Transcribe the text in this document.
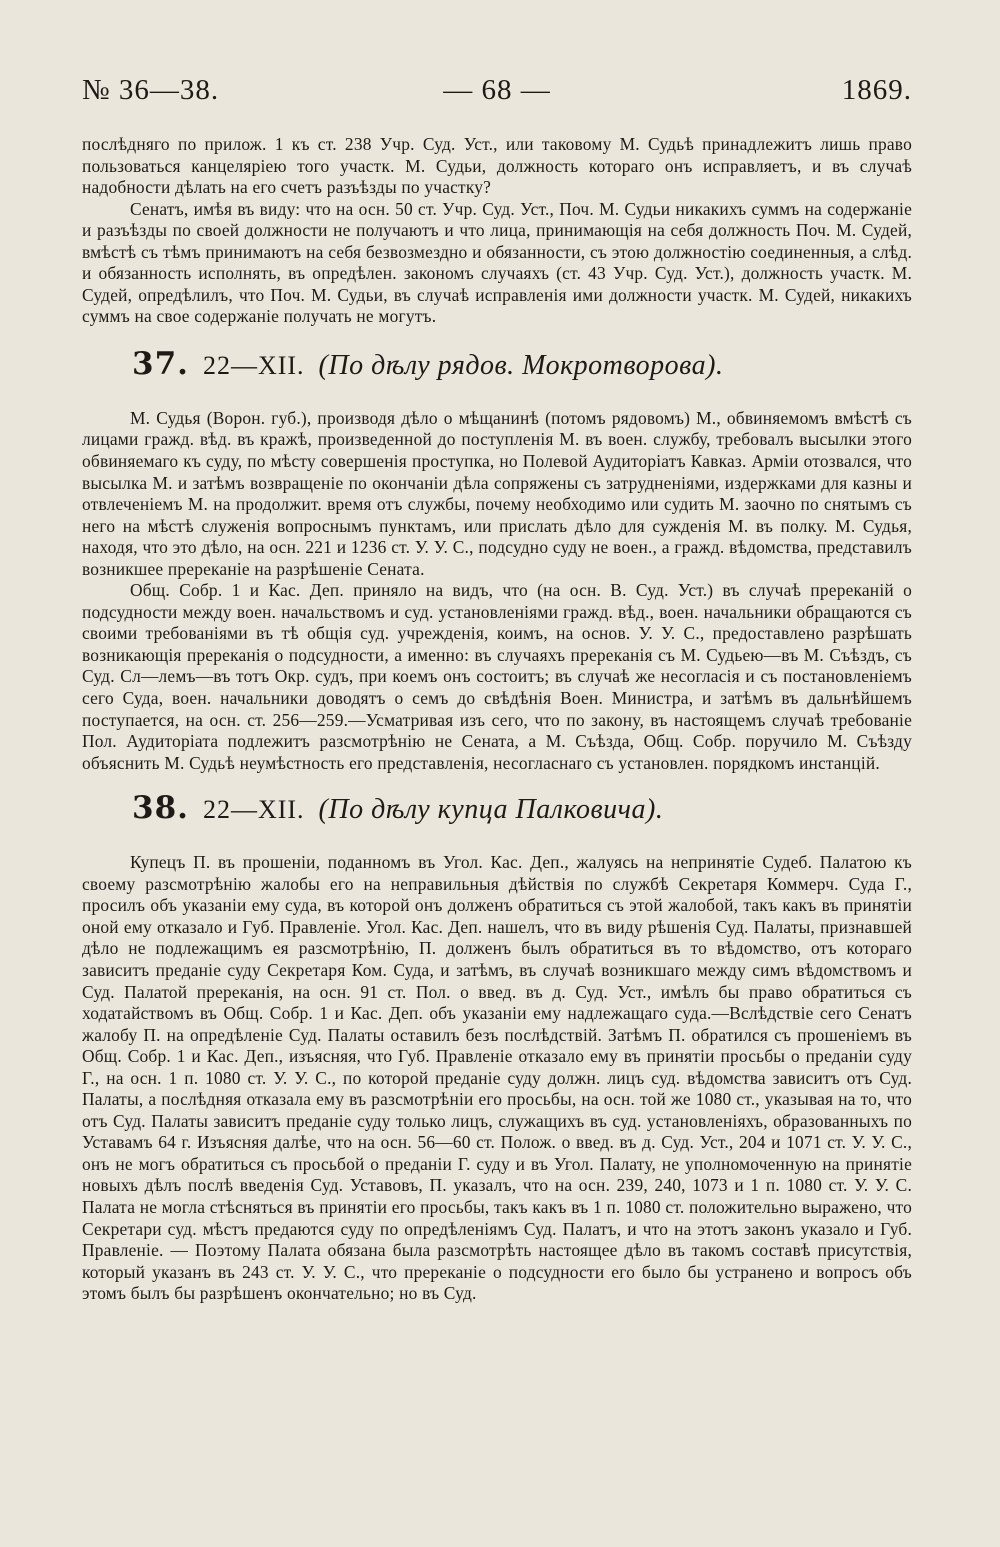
№ 36—38.	— 68 —	1869.

послѣдняго по прилож. 1 къ ст. 238 Учр. Суд. Уст., или таковому М. Судьѣ принадлежитъ лишь право пользоваться канцеляріею того участк. М. Судьи, должность котораго онъ исправляетъ, и въ случаѣ надобности дѣлать на его счетъ разъѣзды по участку?

Сенатъ, имѣя въ виду: что на осн. 50 ст. Учр. Суд. Уст., Поч. М. Судьи никакихъ суммъ на содержаніе и разъѣзды по своей должности не получаютъ и что лица, принимающія на себя должность Поч. М. Судей, вмѣстѣ съ тѣмъ принимаютъ на себя безвозмездно и обязанности, съ этою должностію соединенныя, а слѣд. и обязанность исполнять, въ опредѣлен. закономъ случаяхъ (ст. 43 Учр. Суд. Уст.), должность участк. М. Судей, опредѣлилъ, что Поч. М. Судьи, въ случаѣ исправленія ими должности участк. М. Судей, никакихъ суммъ на свое содержаніе получать не могутъ.

37. 22—XII. (По дѣлу рядов. Мокротворова).

М. Судья (Ворон. губ.), производя дѣло о мѣщанинѣ (потомъ рядовомъ) М., обвиняемомъ вмѣстѣ съ лицами гражд. вѣд. въ кражѣ, произведенной до поступленія М. въ воен. службу, требовалъ высылки этого обвиняемаго къ суду, по мѣсту совершенія проступка, но Полевой Аудиторіатъ Кавказ. Арміи отозвался, что высылка М. и затѣмъ возвращеніе по окончаніи дѣла сопряжены съ затрудненіями, издержками для казны и отвлеченіемъ М. на продолжит. время отъ службы, почему необходимо или судить М. заочно по снятымъ съ него на мѣстѣ служенія вопроснымъ пунктамъ, или прислать дѣло для сужденія М. въ полку. М. Судья, находя, что это дѣло, на осн. 221 и 1236 ст. У. У. С., подсудно суду не воен., а гражд. вѣдомства, представилъ возникшее пререканіе на разрѣшеніе Сената.

Общ. Собр. 1 и Кас. Деп. приняло на видъ, что (на осн. В. Суд. Уст.) въ случаѣ пререканій о подсудности между воен. начальствомъ и суд. установленіями гражд. вѣд., воен. начальники обращаются съ своими требованіями въ тѣ общія суд. учрежденія, коимъ, на основ. У. У. С., предоставлено разрѣшать возникающія пререканія о подсудности, а именно: въ случаяхъ пререканія съ М. Судьею—въ М. Съѣздъ, съ Суд. Сл—лемъ—въ тотъ Окр. судъ, при коемъ онъ состоитъ; въ случаѣ же несогласія и съ постановленіемъ сего Суда, воен. начальники доводятъ о семъ до свѣдѣнія Воен. Министра, и затѣмъ въ дальнѣйшемъ поступается, на осн. ст. 256—259.—Усматривая изъ сего, что по закону, въ настоящемъ случаѣ требованіе Пол. Аудиторіата подлежитъ разсмотрѣнію не Сената, а М. Съѣзда, Общ. Собр. поручило М. Съѣзду объяснить М. Судьѣ неумѣстность его представленія, несогласнаго съ установлен. порядкомъ инстанцій.

38. 22—XII. (По дѣлу купца Палковича).

Купецъ П. въ прошеніи, поданномъ въ Угол. Кас. Деп., жалуясь на непринятіе Судеб. Палатою къ своему разсмотрѣнію жалобы его на неправильныя дѣйствія по службѣ Секретаря Коммерч. Суда Г., просилъ объ указаніи ему суда, въ которой онъ долженъ обратиться съ этой жалобой, такъ какъ въ принятіи оной ему отказало и Губ. Правленіе. Угол. Кас. Деп. нашелъ, что въ виду рѣшенія Суд. Палаты, признавшей дѣло не подлежащимъ ея разсмотрѣнію, П. долженъ былъ обратиться въ то вѣдомство, отъ котораго зависитъ преданіе суду Секретаря Ком. Суда, и затѣмъ, въ случаѣ возникшаго между симъ вѣдомствомъ и Суд. Палатой пререканія, на осн. 91 ст. Пол. о введ. въ д. Суд. Уст., имѣлъ бы право обратиться съ ходатайствомъ въ Общ. Собр. 1 и Кас. Деп. объ указаніи ему надлежащаго суда.—Вслѣдствіе сего Сенатъ жалобу П. на опредѣленіе Суд. Палаты оставилъ безъ послѣдствій. Затѣмъ П. обратился съ прошеніемъ въ Общ. Собр. 1 и Кас. Деп., изъясняя, что Губ. Правленіе отказало ему въ принятіи просьбы о преданіи суду Г., на осн. 1 п. 1080 ст. У. У. С., по которой преданіе суду должн. лицъ суд. вѣдомства зависитъ отъ Суд. Палаты, а послѣдняя отказала ему въ разсмотрѣніи его просьбы, на осн. той же 1080 ст., указывая на то, что отъ Суд. Палаты зависитъ преданіе суду только лицъ, служащихъ въ суд. установленіяхъ, образованныхъ по Уставамъ 64 г. Изъясняя далѣе, что на осн. 56—60 ст. Полож. о введ. въ д. Суд. Уст., 204 и 1071 ст. У. У. С., онъ не могъ обратиться съ просьбой о преданіи Г. суду и въ Угол. Палату, не уполномоченную на принятіе новыхъ дѣлъ послѣ введенія Суд. Уставовъ, П. указалъ, что на осн. 239, 240, 1073 и 1 п. 1080 ст. У. У. С. Палата не могла стѣсняться въ принятіи его просьбы, такъ какъ въ 1 п. 1080 ст. положительно выражено, что Секретари суд. мѣстъ предаются суду по опредѣленіямъ Суд. Палатъ, и что на этотъ законъ указало и Губ. Правленіе. — Поэтому Палата обязана была разсмотрѣть настоящее дѣло въ такомъ составѣ присутствія, который указанъ въ 243 ст. У. У. С., что пререканіе о подсудности его было бы устранено и вопросъ объ этомъ былъ бы разрѣшенъ окончательно; но въ Суд.
